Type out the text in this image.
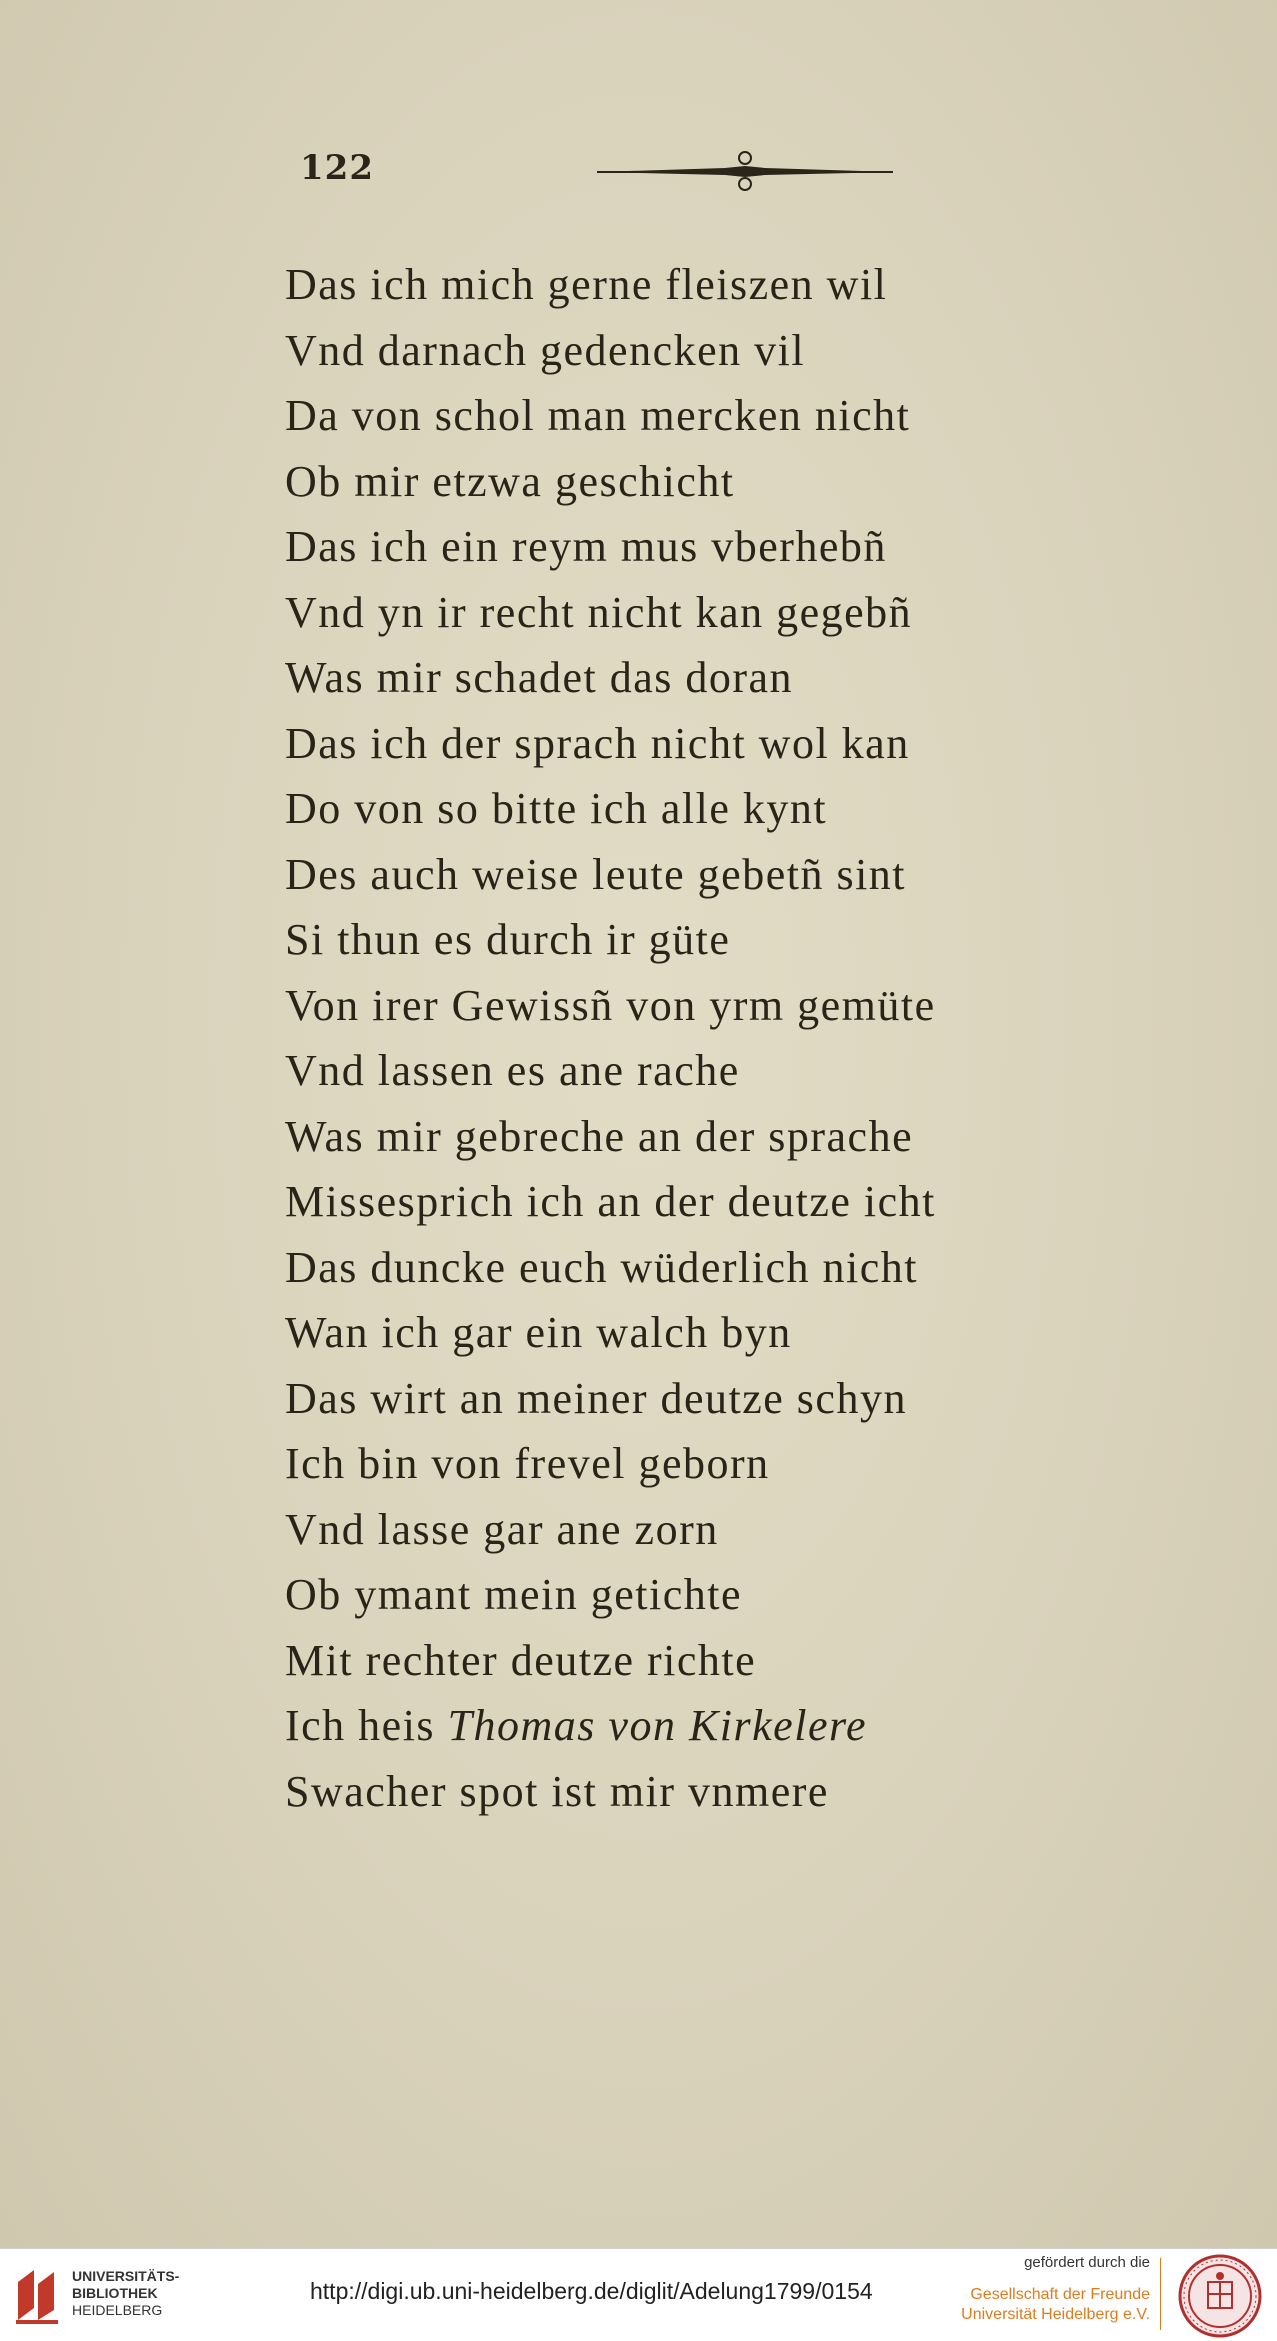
122
Das ich mich gerne fleiszen wil
Vnd darnach gedencken vil
Da von schol man mercken nicht
Ob mir etzwa geschicht
Das ich ein reym mus vberhebñ
Vnd yn ir recht nicht kan gegebñ
Was mir schadet das doran
Das ich der sprach nicht wol kan
Do von so bitte ich alle kynt
Des auch weise leute gebetñ sint
Si thun es durch ir güte
Von irer Gewissñ von yrm gemüte
Vnd lassen es ane rache
Was mir gebreche an der sprache
Missesprich ich an der deutze icht
Das duncke euch wüderlich nicht
Wan ich gar ein walch byn
Das wirt an meiner deutze schyn
Ich bin von frevel geborn
Vnd lasse gar ane zorn
Ob ymant mein getichte
Mit rechter deutze richte
Ich heis Thomas von Kirkelere
Swacher spot ist mir vnmere
UNIVERSITÄTS-
BIBLIOTHEK
HEIDELBERG
http://digi.ub.uni-heidelberg.de/diglit/Adelung1799/0154
gefördert durch die
Gesellschaft der Freunde
Universität Heidelberg e.V.
